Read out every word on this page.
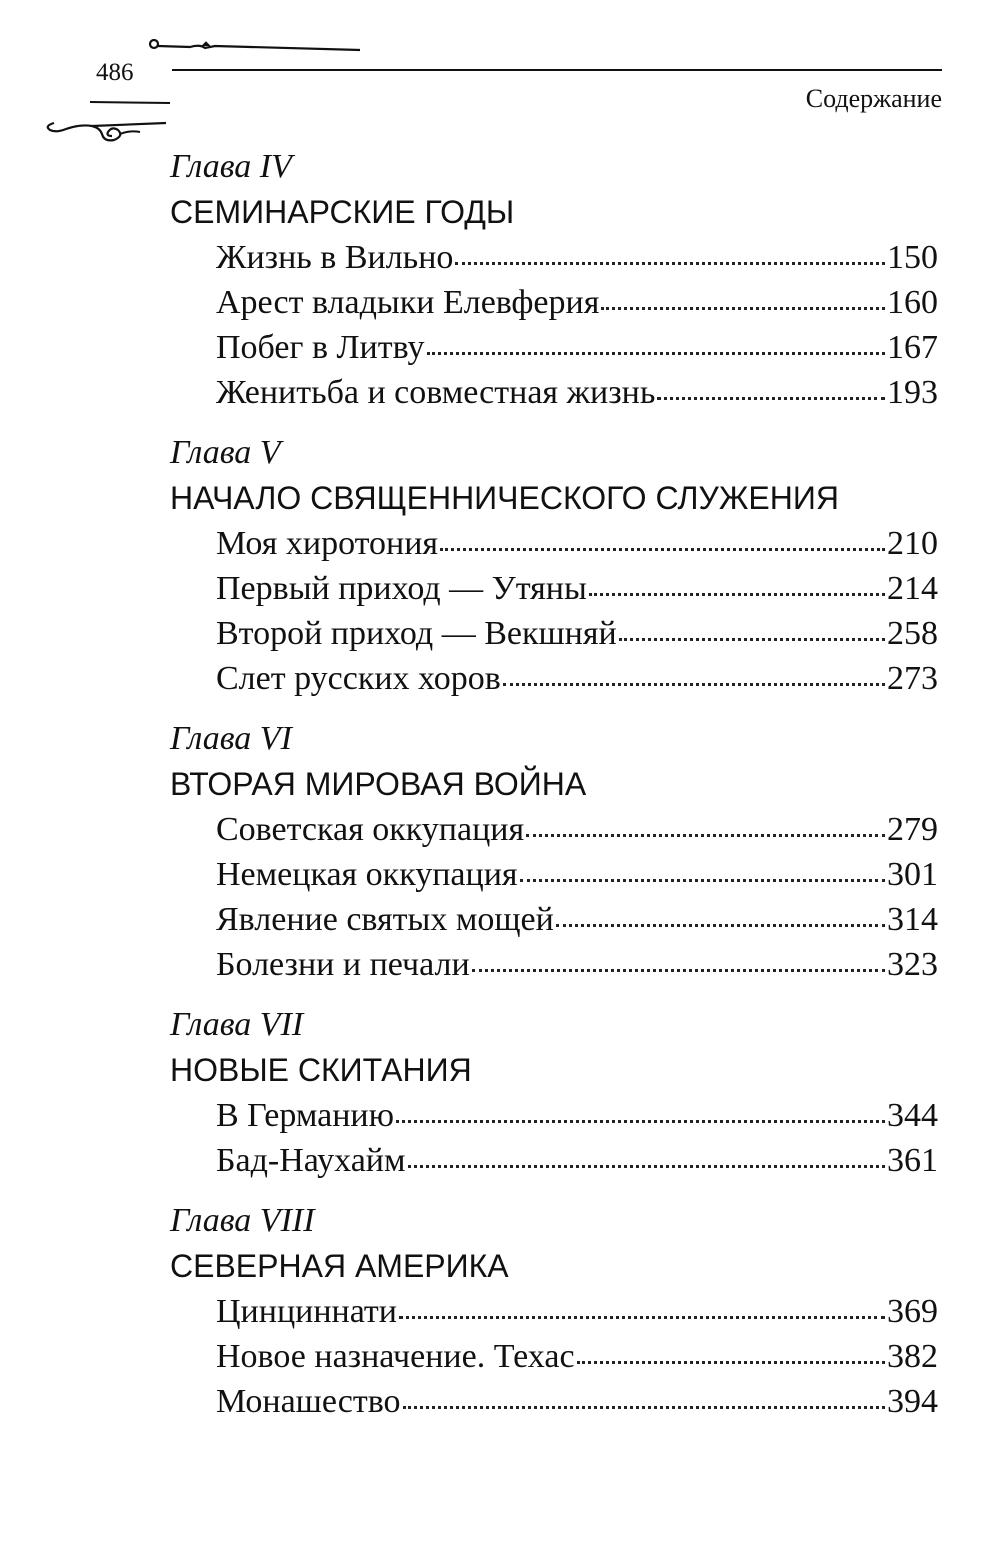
486
Содержание

Глава IV

СЕМИНАРСКИЕ ГОДЫ

Жизнь в Вильно	150
Арест владыки Елевферия	160
Побег в Литву	167
Женитьба и совместная жизнь	193

Глава V

НАЧАЛО СВЯЩЕННИЧЕСКОГО СЛУЖЕНИЯ

Моя хиротония	210
Первый приход — Утяны	214
Второй приход — Векшняй	258
Слет русских хоров	273

Глава VI

ВТОРАЯ МИРОВАЯ ВОЙНА

Советская оккупация	279
Немецкая оккупация	301
Явление святых мощей	314
Болезни и печали	323

Глава VII

НОВЫЕ СКИТАНИЯ

В Германию	344
Бад-Наухайм	361

Глава VIII

СЕВЕРНАЯ АМЕРИКА

Цинциннати	369
Новое назначение. Техас	382
Монашество	394
